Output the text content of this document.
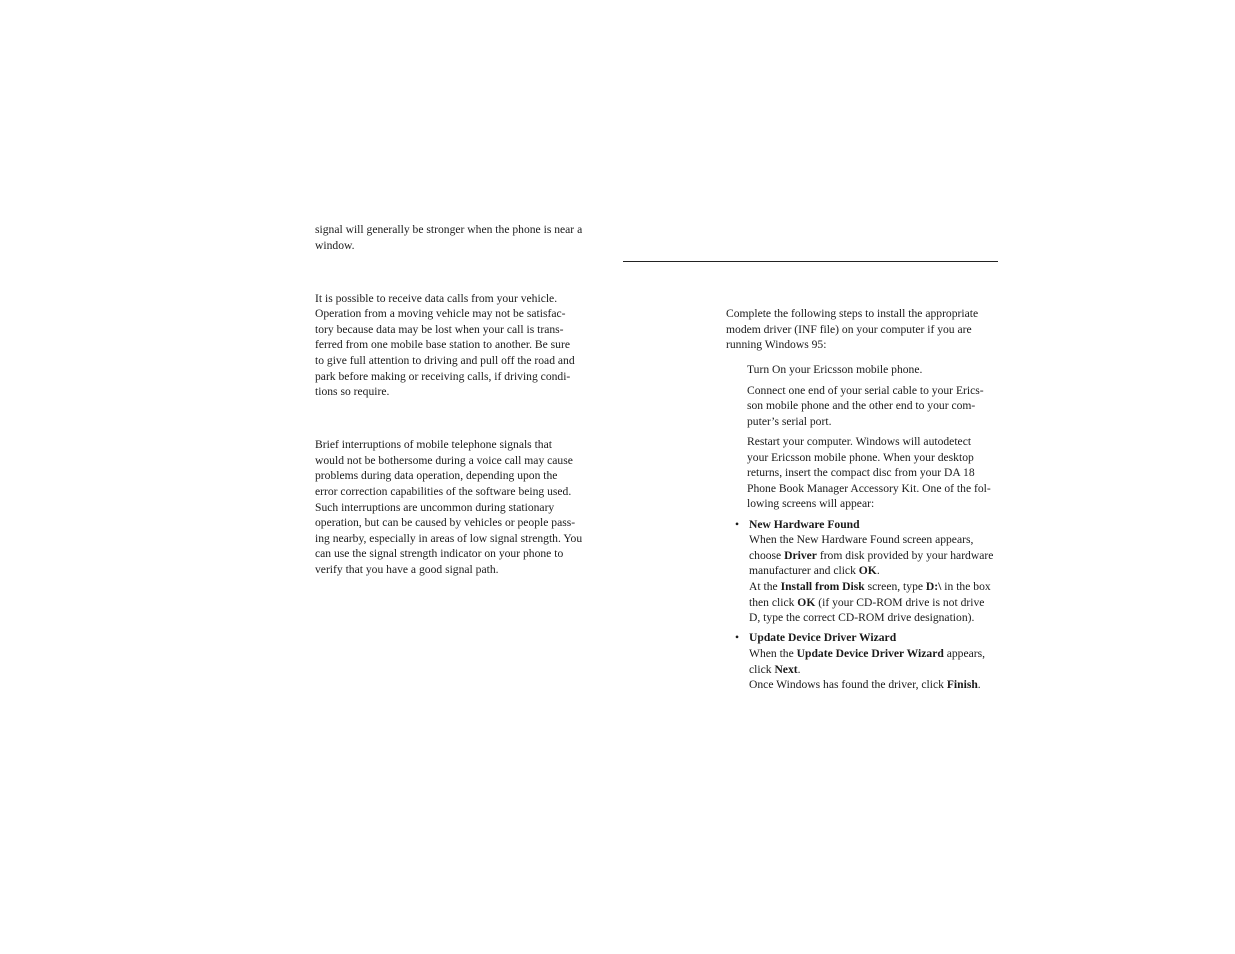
signal will generally be stronger when the phone is near a
window.
It is possible to receive data calls from your vehicle.
Operation from a moving vehicle may not be satisfac-
tory because data may be lost when your call is trans-
ferred from one mobile base station to another. Be sure
to give full attention to driving and pull off the road and
park before making or receiving calls, if driving condi-
tions so require.
Brief interruptions of mobile telephone signals that
would not be bothersome during a voice call may cause
problems during data operation, depending upon the
error correction capabilities of the software being used.
Such interruptions are uncommon during stationary
operation, but can be caused by vehicles or people pass-
ing nearby, especially in areas of low signal strength. You
can use the signal strength indicator on your phone to
verify that you have a good signal path.
Complete the following steps to install the appropriate
modem driver (INF file) on your computer if you are
running Windows 95:
Turn On your Ericsson mobile phone.
Connect one end of your serial cable to your Erics-
son mobile phone and the other end to your com-
puter’s serial port.
Restart your computer. Windows will autodetect
your Ericsson mobile phone. When your desktop
returns, insert the compact disc from your DA 18
Phone Book Manager Accessory Kit. One of the fol-
lowing screens will appear:
• New Hardware Found
When the New Hardware Found screen appears,
choose Driver from disk provided by your hardware
manufacturer and click OK.
At the Install from Disk screen, type D:\ in the box
then click OK (if your CD-ROM drive is not drive
D, type the correct CD-ROM drive designation).
• Update Device Driver Wizard
When the Update Device Driver Wizard appears,
click Next.
Once Windows has found the driver, click Finish.
